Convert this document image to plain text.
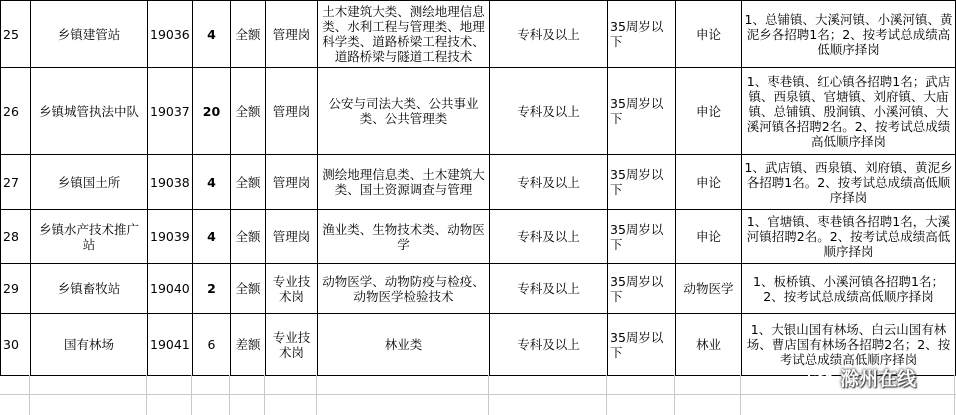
25	乡镇建管站	19036	4	全额	管理岗	土木建筑大类、测绘地理信息类、水利工程与管理类、地理科学类、道路桥梁工程技术、道路桥梁与隧道工程技术	专科及以上	35周岁以下	申论	1、总铺镇、大溪河镇、小溪河镇、黄泥乡各招聘1名；2、按考试总成绩高低顺序择岗
26	乡镇城管执法中队	19037	20	全额	管理岗	公安与司法大类、公共事业类、公共管理类	专科及以上	35周岁以下	申论	1、枣巷镇、红心镇各招聘1名；武店镇、西泉镇、官塘镇、刘府镇、大庙镇、总铺镇、殷涧镇、小溪河镇、大溪河镇各招聘2名。2、按考试总成绩高低顺序择岗
27	乡镇国土所	19038	4	全额	管理岗	测绘地理信息类、土木建筑大类、国土资源调查与管理	专科及以上	35周岁以下	申论	1、武店镇、西泉镇、刘府镇、黄泥乡各招聘1名。2、按考试总成绩高低顺序择岗
28	乡镇水产技术推广站	19039	4	全额	管理岗	渔业类、生物技术类、动物医学	专科及以上	35周岁以下	申论	1、官塘镇、枣巷镇各招聘1名，大溪河镇招聘2名。2、按考试总成绩高低顺序择岗
29	乡镇畜牧站	19040	2	全额	专业技术岗	动物医学、动物防疫与检疫、动物医学检验技术	专科及以上	35周岁以下	动物医学	1、板桥镇、小溪河镇各招聘1名；2、按考试总成绩高低顺序择岗
30	国有林场	19041	6	差额	专业技术岗	林业类	专科及以上	35周岁以下	林业	1、大银山国有林场、白云山国有林场、曹店国有林场各招聘2名；2、按考试总成绩高低顺序择岗
滁州在线
